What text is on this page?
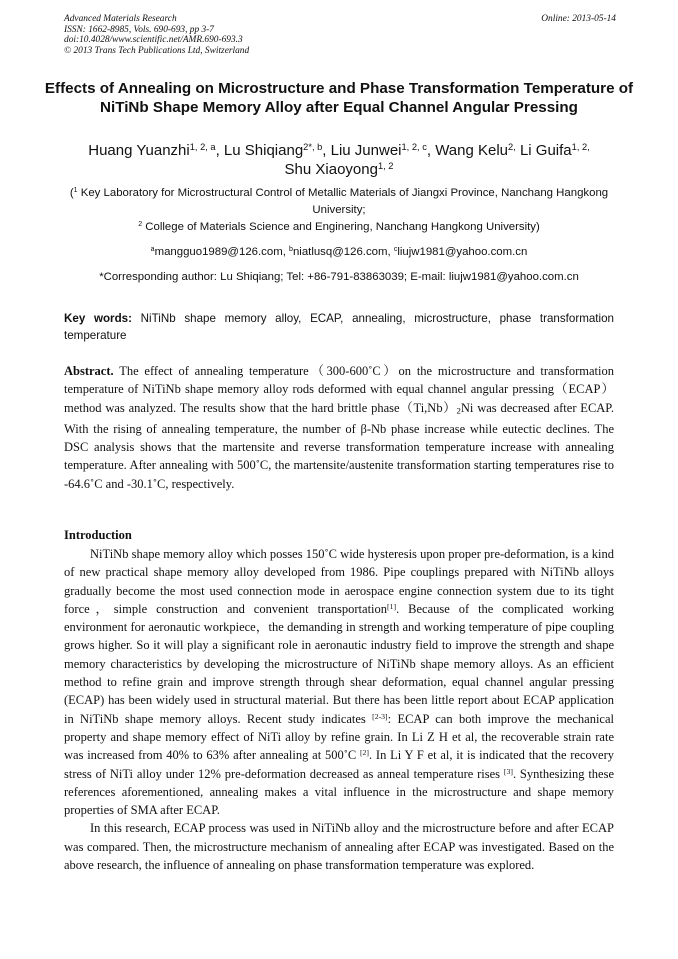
Advanced Materials Research
ISSN: 1662-8985, Vols. 690-693, pp 3-7
doi:10.4028/www.scientific.net/AMR.690-693.3
© 2013 Trans Tech Publications Ltd, Switzerland
Online: 2013-05-14
Effects of Annealing on Microstructure and Phase Transformation Temperature of NiTiNb Shape Memory Alloy after Equal Channel Angular Pressing
Huang Yuanzhi$^{1, 2, a}$, Lu Shiqiang$^{2*, b}$, Liu Junwei$^{1, 2, c}$, Wang Kelu$^{2,}$ Li Guifa$^{1, 2,}$
Shu Xiaoyong$^{1, 2}$

($^1$ Key Laboratory for Microstructural Control of Metallic Materials of Jiangxi Province, Nanchang Hangkong University;

$^2$ College of Materials Science and Enginering, Nanchang Hangkong University)

$^a$mangguo1989@126.com, $^b$niatlusq@126.com, $^c$liujw1981@yahoo.com.cn
*Corresponding author: Lu Shiqiang; Tel: +86-791-83863039; E-mail: liujw1981@yahoo.com.cn
Key words: NiTiNb shape memory alloy, ECAP, annealing, microstructure, phase transformation temperature
Abstract. The effect of annealing temperature（300-600˚C）on the microstructure and transformation temperature of NiTiNb shape memory alloy rods deformed with equal channel angular pressing（ECAP） method was analyzed. The results show that the hard brittle phase（Ti,Nb）2Ni was decreased after ECAP. With the rising of annealing temperature, the number of β-Nb phase increase while eutectic declines. The DSC analysis shows that the martensite and reverse transformation temperature increase with annealing temperature. After annealing with 500˚C, the martensite/austenite transformation starting temperatures rise to -64.6˚C and -30.1˚C, respectively.
Introduction

NiTiNb shape memory alloy which posses 150˚C wide hysteresis upon proper pre-deformation, is a kind of new practical shape memory alloy developed from 1986. Pipe couplings prepared with NiTiNb alloys gradually become the most used connection mode in aerospace engine connection system due to its tight force，simple construction and convenient transportation[1]. Because of the complicated working environment for aeronautic workpiece，the demanding in strength and working temperature of pipe coupling grows higher. So it will play a significant role in aeronautic industry field to improve the strength and shape memory characteristics by developing the microstructure of NiTiNb shape memory alloys. As an efficient method to refine grain and improve strength through shear deformation, equal channel angular pressing (ECAP) has been widely used in structural material. But there has been little report about ECAP application in NiTiNb shape memory alloys. Recent study indicates [2-3]: ECAP can both improve the mechanical property and shape memory effect of NiTi alloy by refine grain. In Li Z H et al, the recoverable strain rate was increased from 40% to 63% after annealing at 500˚C [2]. In Li Y F et al, it is indicated that the recovery stress of NiTi alloy under 12% pre-deformation decreased as anneal temperature rises [3]. Synthesizing these references aforementioned, annealing makes a vital influence in the microstructure and shape memory properties of SMA after ECAP.

In this research, ECAP process was used in NiTiNb alloy and the microstructure before and after ECAP was compared. Then, the microstructure mechanism of annealing after ECAP was investigated. Based on the above research, the influence of annealing on phase transformation temperature was explored.
